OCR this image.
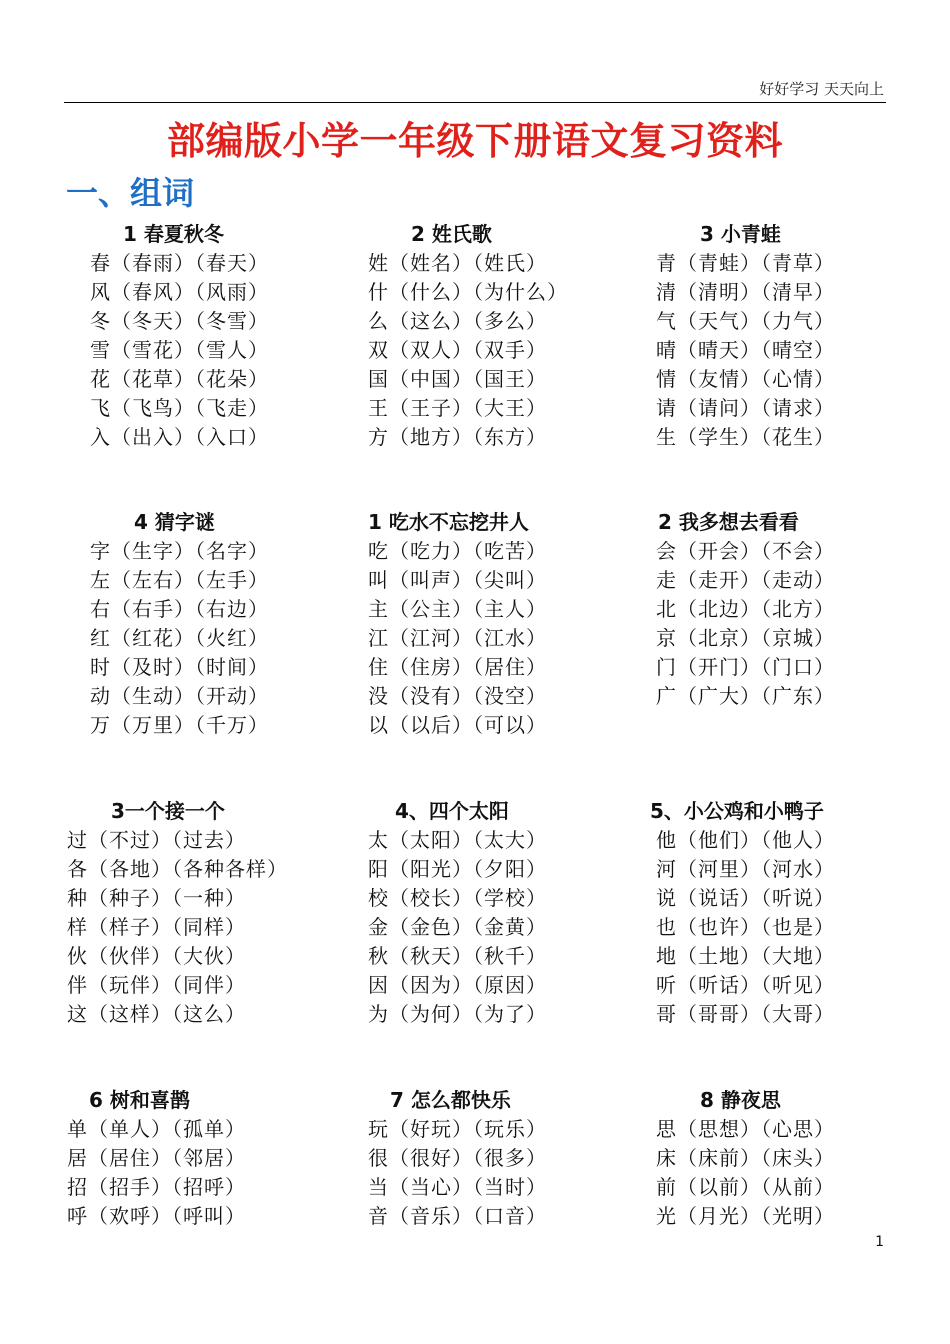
好好学习 天天向上
部编版小学一年级下册语文复习资料
一、组词
1 春夏秋冬
春（春雨）（春天）
风（春风）（风雨）
冬（冬天）（冬雪）
雪（雪花）（雪人）
花（花草）（花朵）
飞（飞鸟）（飞走）
入（出入）（入口）
2 姓氏歌
姓（姓名）（姓氏）
什（什么）（为什么）
么（这么）（多么）
双（双人）（双手）
国（中国）（国王）
王（王子）（大王）
方（地方）（东方）
3 小青蛙
青（青蛙）（青草）
清（清明）（清早）
气（天气）（力气）
晴（晴天）（晴空）
情（友情）（心情）
请（请问）（请求）
生（学生）（花生）
4 猜字谜
字（生字）（名字）
左（左右）（左手）
右（右手）（右边）
红（红花）（火红）
时（及时）（时间）
动（生动）（开动）
万（万里）（千万）
1 吃水不忘挖井人
吃（吃力）（吃苦）
叫（叫声）（尖叫）
主（公主）（主人）
江（江河）（江水）
住（住房）（居住）
没（没有）（没空）
以（以后）（可以）
2 我多想去看看
会（开会）（不会）
走（走开）（走动）
北（北边）（北方）
京（北京）（京城）
门（开门）（门口）
广（广大）（广东）
3一个接一个
过（不过）（过去）
各（各地）（各种各样）
种（种子）（一种）
样（样子）（同样）
伙（伙伴）（大伙）
伴（玩伴）（同伴）
这（这样）（这么）
4、四个太阳
太（太阳）（太大）
阳（阳光）（夕阳）
校（校长）（学校）
金（金色）（金黄）
秋（秋天）（秋千）
因（因为）（原因）
为（为何）（为了）
5、小公鸡和小鸭子
他（他们）（他人）
河（河里）（河水）
说（说话）（听说）
也（也许）（也是）
地（土地）（大地）
听（听话）（听见）
哥（哥哥）（大哥）
6 树和喜鹊
单（单人）（孤单）
居（居住）（邻居）
招（招手）（招呼）
呼（欢呼）（呼叫）
7 怎么都快乐
玩（好玩）（玩乐）
很（很好）（很多）
当（当心）（当时）
音（音乐）（口音）
8 静夜思
思（思想）（心思）
床（床前）（床头）
前（以前）（从前）
光（月光）（光明）
1
